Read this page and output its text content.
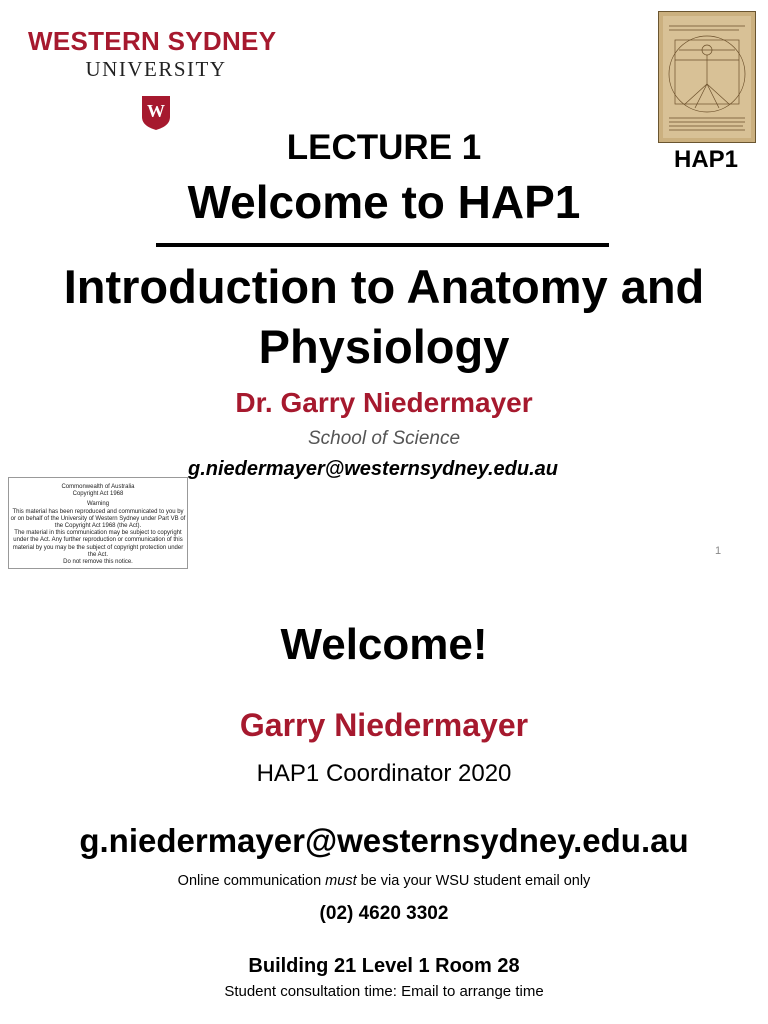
WESTERN SYDNEY
UNIVERSITY
W
HAP1
LECTURE 1
Welcome to HAP1
Introduction to Anatomy and Physiology
Dr. Garry Niedermayer
School of Science
g.niedermayer@westernsydney.edu.au

Commonwealth of Australia

Copyright Act 1968

Warning

This material has been reproduced and communicated to you by or on behalf of the University of Western Sydney under Part VB of the Copyright Act 1968 (the Act).

The material in this communication may be subject to copyright under the Act. Any further reproduction or communication of this material by you may be the subject of copyright protection under the Act.

Do not remove this notice.

1
Welcome!
Garry Niedermayer
HAP1 Coordinator 2020
g.niedermayer@westernsydney.edu.au
Online communication must be via your WSU student email only
(02) 4620 3302
Building 21 Level 1 Room 28
Student consultation time: Email to arrange time
